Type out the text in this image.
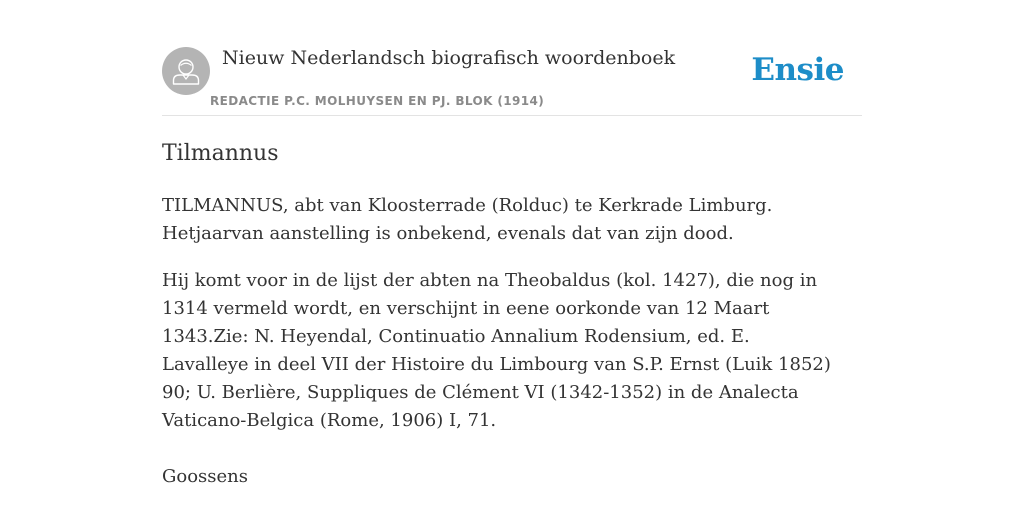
Nieuw Nederlandsch biografisch woordenboek
REDACTIE P.C. MOLHUYSEN EN PJ. BLOK (1914)
Ensie
Tilmannus

TILMANNUS, abt van Kloosterrade (Rolduc) te Kerkrade Limburg. Hetjaarvan aanstelling is onbekend, evenals dat van zijn dood.

Hij komt voor in de lijst der abten na Theobaldus (kol. 1427), die nog in 1314 vermeld wordt, en verschijnt in eene oorkonde van 12 Maart 1343.Zie: N. Heyendal, Continuatio Annalium Rodensium, ed. E. Lavalleye in deel VII der Histoire du Limbourg van S.P. Ernst (Luik 1852) 90; U. Berlière, Suppliques de Clément VI (1342-1352) in de Analecta Vaticano-Belgica (Rome, 1906) I, 71.

Goossens
